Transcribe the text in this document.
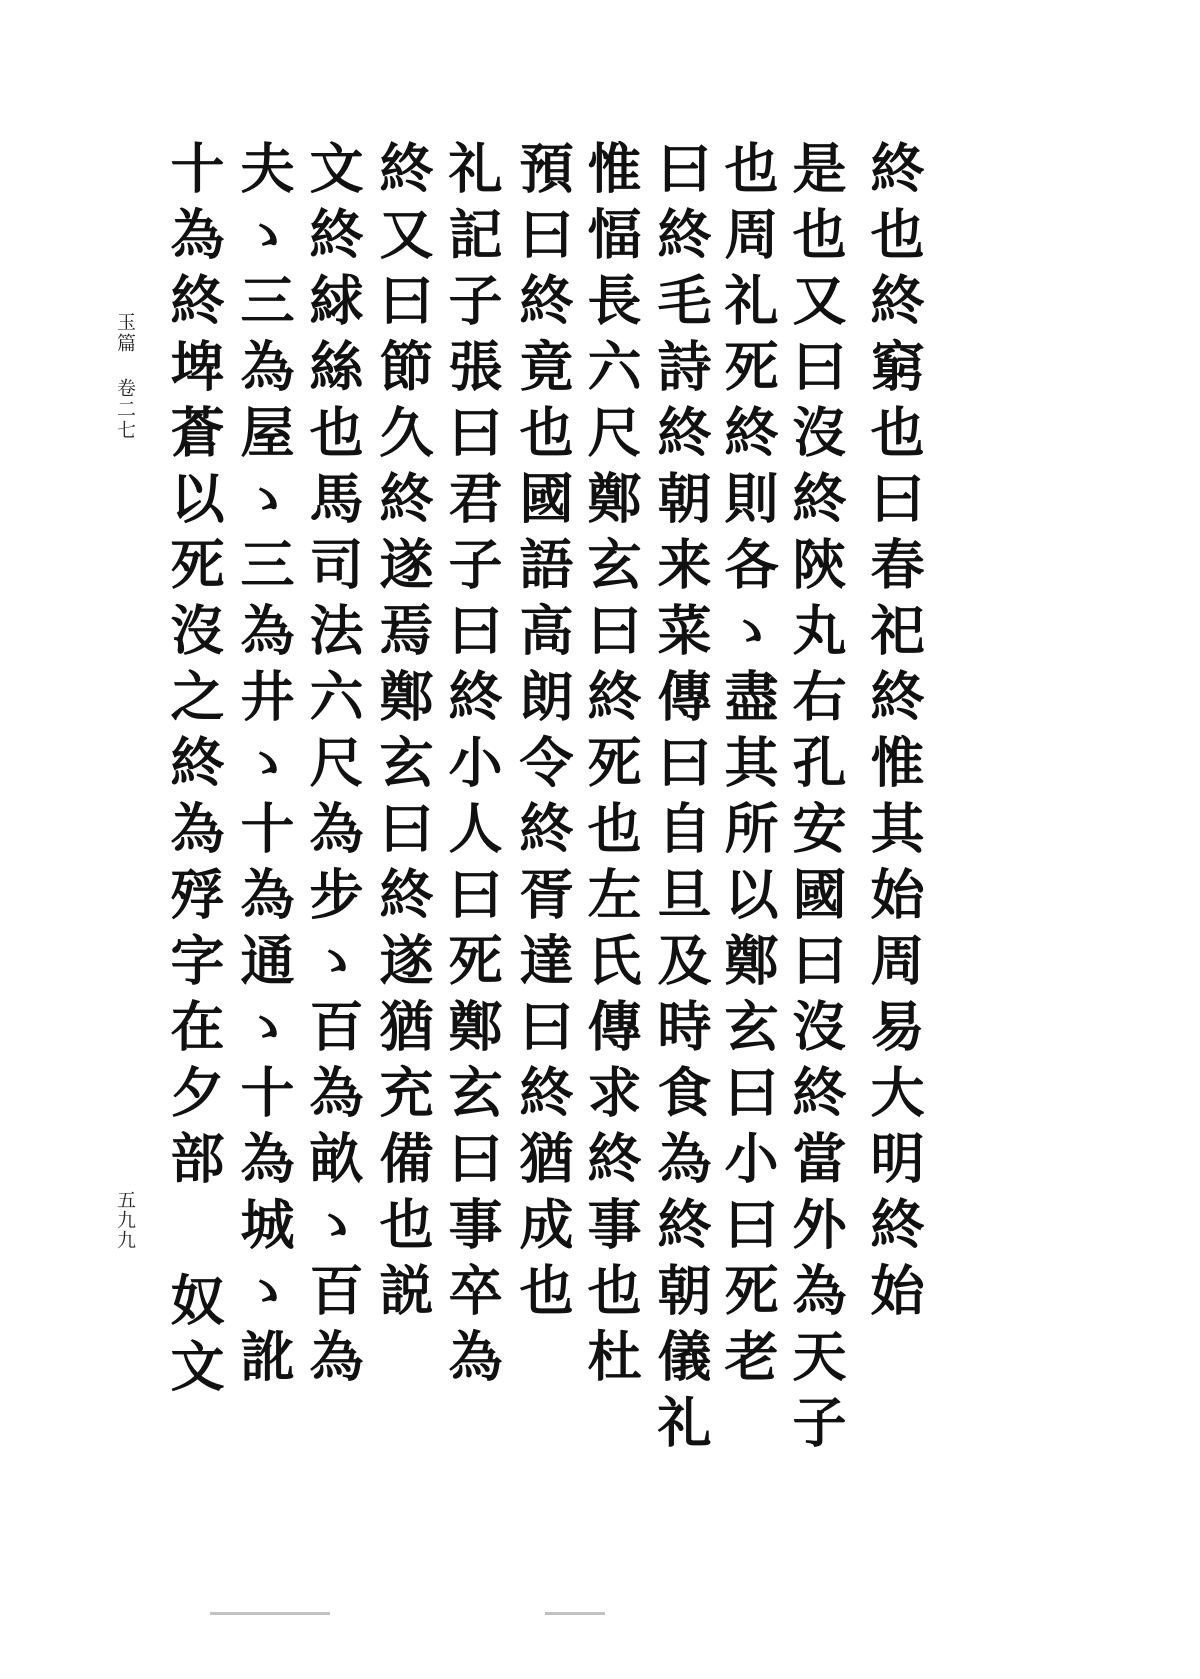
終也終窮也曰春祀終惟其始周易大明終始

是也又曰沒終陝丸右孔安國曰沒終當外為天子

也周礼死終則各ゝ盡其所以鄭玄曰小曰死老

曰終毛詩終朝来菜傳曰自旦及時食為終朝儀礼

惟愊長六尺鄭玄曰終死也左氏傳求終事也杜

預曰終竟也國語高朗令終胥達曰終猶成也

礼記子張曰君子曰終小人曰死鄭玄曰事卒為

終又曰節久終遂焉鄭玄曰終遂猶充備也説

文終絿絲也馬司法六尺為步ゝ百為畝ゝ百為

夫ゝ三為屋ゝ三為井ゝ十為通ゝ十為城ゝ訛

十為終埤蒼以死沒之終為殍字在夕部 奴文

玉篇 卷二七
五九九
